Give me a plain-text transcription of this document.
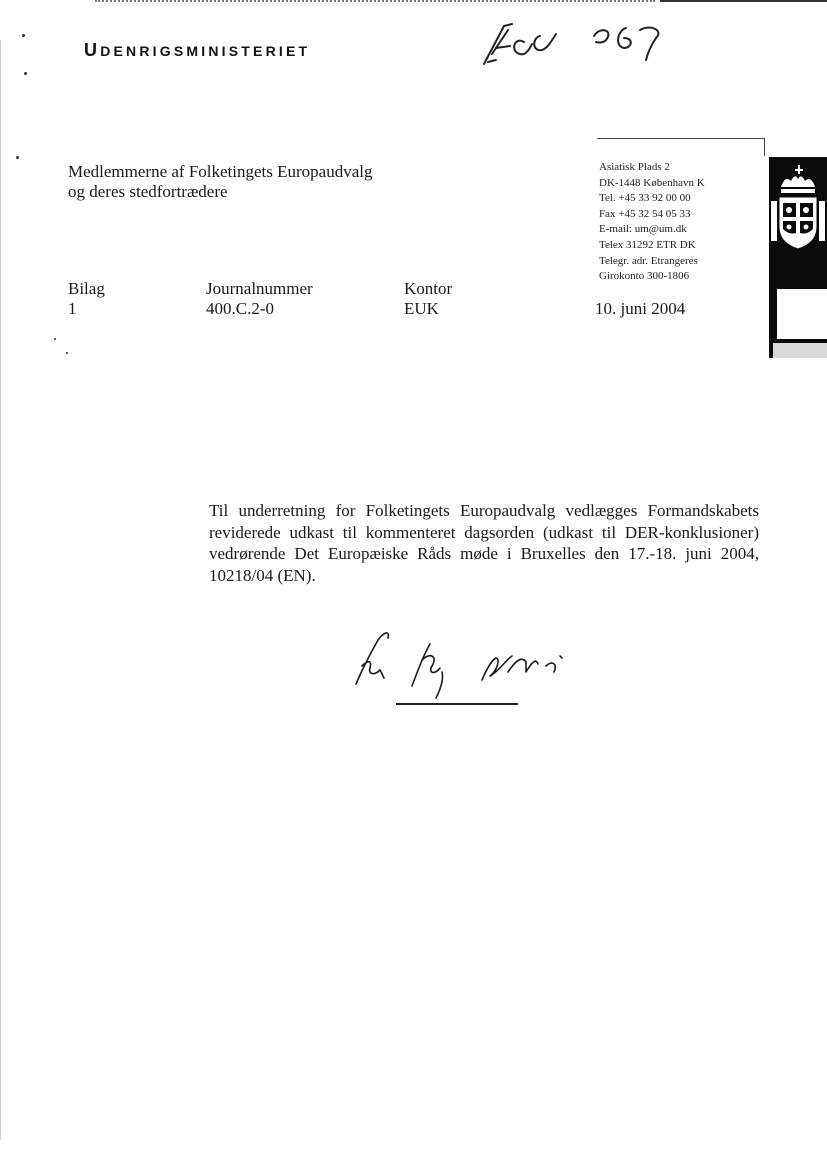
UDENRIGSMINISTERIET
Medlemmerne af Folketingets Europaudvalg
og deres stedfortrædere
Asiatisk Plads 2
DK-1448 København K
Tel. +45 33 92 00 00
Fax +45 32 54 05 33
E-mail: um@um.dk
Telex 31292 ETR DK
Telegr. adr. Etrangeres
Girokonto 300-1806
Bilag
1
Journalnummer
400.C.2-0
Kontor
EUK	10. juni 2004
Til underretning for Folketingets Europaudvalg vedlægges Formandskabets reviderede udkast til kommenteret dagsorden (udkast til DER-konklusioner) vedrørende Det Europæiske Råds møde i Bruxelles den 17.-18. juni 2004, 10218/04 (EN).
